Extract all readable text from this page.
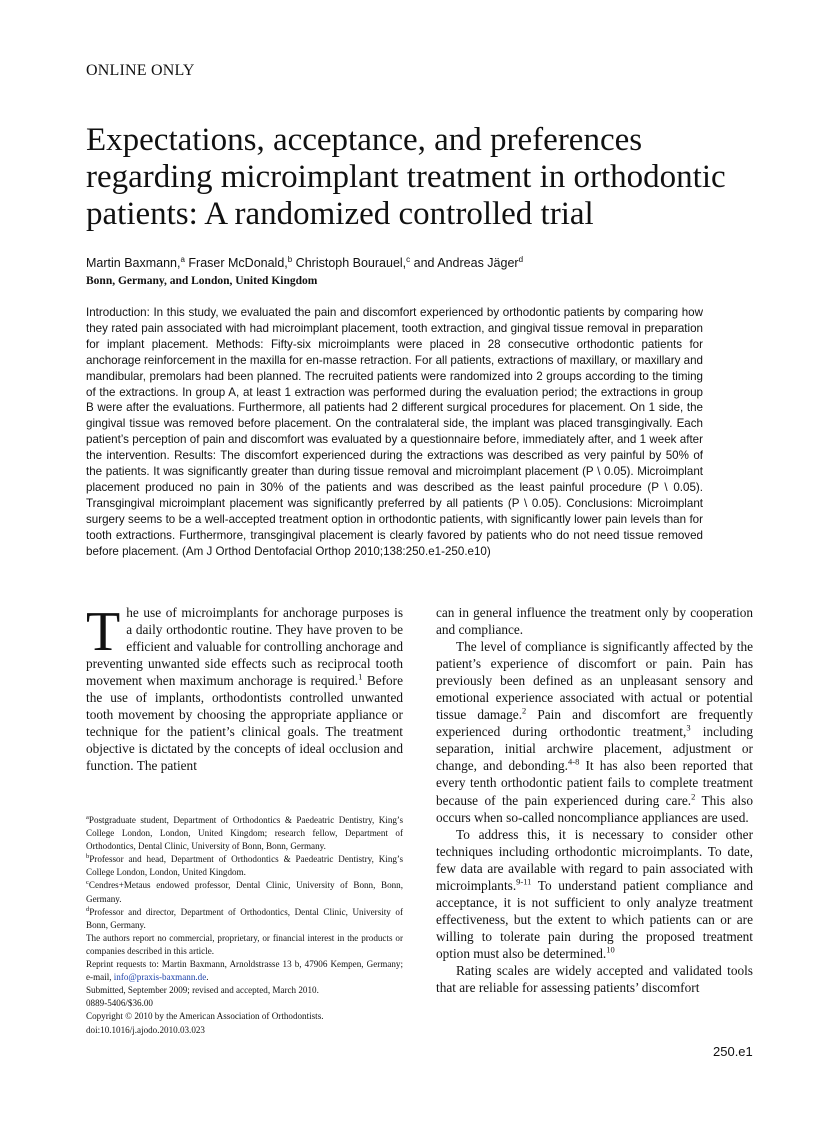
ONLINE ONLY
Expectations, acceptance, and preferences regarding microimplant treatment in orthodontic patients: A randomized controlled trial
Martin Baxmann,$^a$ Fraser McDonald,$^b$ Christoph Bourauel,$^c$ and Andreas Jäger$^d$
Bonn, Germany, and London, United Kingdom

Introduction: In this study, we evaluated the pain and discomfort experienced by orthodontic patients by comparing how they rated pain associated with had microimplant placement, tooth extraction, and gingival tissue removal in preparation for implant placement. Methods: Fifty-six microimplants were placed in 28 consecutive orthodontic patients for anchorage reinforcement in the maxilla for en-masse retraction. For all patients, extractions of maxillary, or maxillary and mandibular, premolars had been planned. The recruited patients were randomized into 2 groups according to the timing of the extractions. In group A, at least 1 extraction was performed during the evaluation period; the extractions in group B were after the evaluations. Furthermore, all patients had 2 different surgical procedures for placement. On 1 side, the gingival tissue was removed before placement. On the contralateral side, the implant was placed transgingivally. Each patient’s perception of pain and discomfort was evaluated by a questionnaire before, immediately after, and 1 week after the intervention. Results: The discomfort experienced during the extractions was described as very painful by 50% of the patients. It was significantly greater than during tissue removal and microimplant placement (P \ 0.05). Microimplant placement produced no pain in 30% of the patients and was described as the least painful procedure (P \ 0.05). Transgingival microimplant placement was significantly preferred by all patients (P \ 0.05). Conclusions: Microimplant surgery seems to be a well-accepted treatment option in orthodontic patients, with significantly lower pain levels than for tooth extractions. Furthermore, transgingival placement is clearly favored by patients who do not need tissue removed before placement. (Am J Orthod Dentofacial Orthop 2010;138:250.e1-250.e10)

The use of microimplants for anchorage purposes is a daily orthodontic routine. They have proven to be efficient and valuable for controlling anchorage and preventing unwanted side effects such as reciprocal tooth movement when maximum anchorage is required.$^1$ Before the use of implants, orthodontists controlled unwanted tooth movement by choosing the appropriate appliance or technique for the patient’s clinical goals. The treatment objective is dictated by the concepts of ideal occlusion and function. The patient

can in general influence the treatment only by cooperation and compliance.

The level of compliance is significantly affected by the patient’s experience of discomfort or pain. Pain has previously been defined as an unpleasant sensory and emotional experience associated with actual or potential tissue damage.$^2$ Pain and discomfort are frequently experienced during orthodontic treatment,$^3$ including separation, initial archwire placement, adjustment or change, and debonding.$^{4-8}$ It has also been reported that every tenth orthodontic patient fails to complete treatment because of the pain experienced during care.$^2$ This also occurs when so-called noncompliance appliances are used.

To address this, it is necessary to consider other techniques including orthodontic microimplants. To date, few data are available with regard to pain associated with microimplants.$^{9-11}$ To understand patient compliance and acceptance, it is not sufficient to only analyze treatment effectiveness, but the extent to which patients can or are willing to tolerate pain during the proposed treatment option must also be determined.$^{10}$

Rating scales are widely accepted and validated tools that are reliable for assessing patients’ discomfort

$^a$Postgraduate student, Department of Orthodontics & Paedeatric Dentistry, King’s College London, London, United Kingdom; research fellow, Department of Orthodontics, Dental Clinic, University of Bonn, Bonn, Germany.
$^b$Professor and head, Department of Orthodontics & Paedeatric Dentistry, King’s College London, London, United Kingdom.
$^c$Cendres+Metaus endowed professor, Dental Clinic, University of Bonn, Bonn, Germany.
$^d$Professor and director, Department of Orthodontics, Dental Clinic, University of Bonn, Germany.
The authors report no commercial, proprietary, or financial interest in the products or companies described in this article.
Reprint requests to: Martin Baxmann, Arnoldstrasse 13 b, 47906 Kempen, Germany; e-mail, info@praxis-baxmann.de.
Submitted, September 2009; revised and accepted, March 2010.
0889-5406/$36.00
Copyright © 2010 by the American Association of Orthodontists.
doi:10.1016/j.ajodo.2010.03.023
250.e1
